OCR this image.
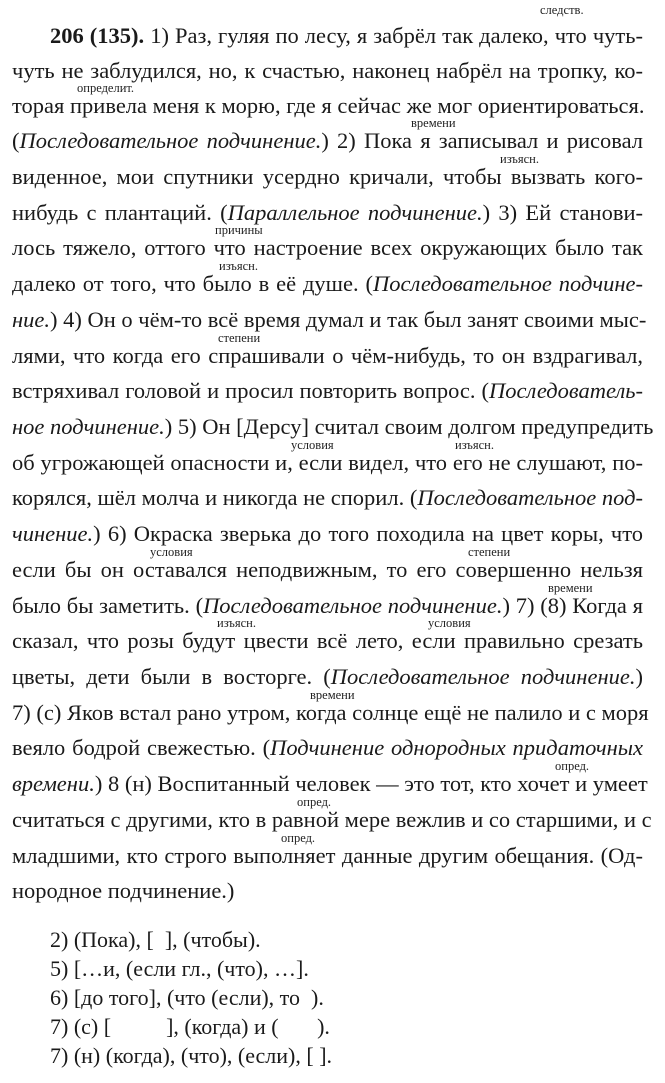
206 (135). 1) Раз, гуляя по лесу, я забрёл так далеко, что чуть-
чуть не заблудился, но, к счастью, наконец набрёл на тропку, ко-
торая привела меня к морю, где я сейчас же мог ориентироваться.
(Последовательное подчинение.) 2) Пока я записывал и рисовал
виденное, мои спутники усердно кричали, чтобы вызвать кого-
нибудь с плантаций. (Параллельное подчинение.) 3) Ей станови-
лось тяжело, оттого что настроение всех окружающих было так
далеко от того, что было в её душе. (Последовательное подчине-
ние.) 4) Он о чём-то всё время думал и так был занят своими мыс-
лями, что когда его спрашивали о чём-нибудь, то он вздрагивал,
встряхивал головой и просил повторить вопрос. (Последователь-
ное подчинение.) 5) Он [Дерсу] считал своим долгом предупредить
об угрожающей опасности и, если видел, что его не слушают, по-
корялся, шёл молча и никогда не спорил. (Последовательное под-
чинение.) 6) Окраска зверька до того походила на цвет коры, что
если бы он оставался неподвижным, то его совершенно нельзя
было бы заметить. (Последовательное подчинение.) 7) (8) Когда я
сказал, что розы будут цвести всё лето, если правильно срезать
цветы, дети были в восторге. (Последовательное подчинение.)
7) (с) Яков встал рано утром, когда солнце ещё не палило и с моря
веяло бодрой свежестью. (Подчинение однородных придаточных
времени.) 8 (н) Воспитанный человек — это тот, кто хочет и умеет
считаться с другими, кто в равной мере вежлив и со старшими, и с
младшими, кто строго выполняет данные другим обещания. (Од-
нородное подчинение.)
следств.
определит.
времени
изъясн.
причины
изъясн.
степени
условия	изъясн.
условия	степени
времени
изъясн.	условия
времени
опред.
опред.
опред.
2) (Пока), [  ], (чтобы).
5) […и, (если гл., (что), …].
6) [до того], (что (если), то  ).
7) (с) [          ], (когда) и (       ).
7) (н) (когда), (что), (если), [ ].
